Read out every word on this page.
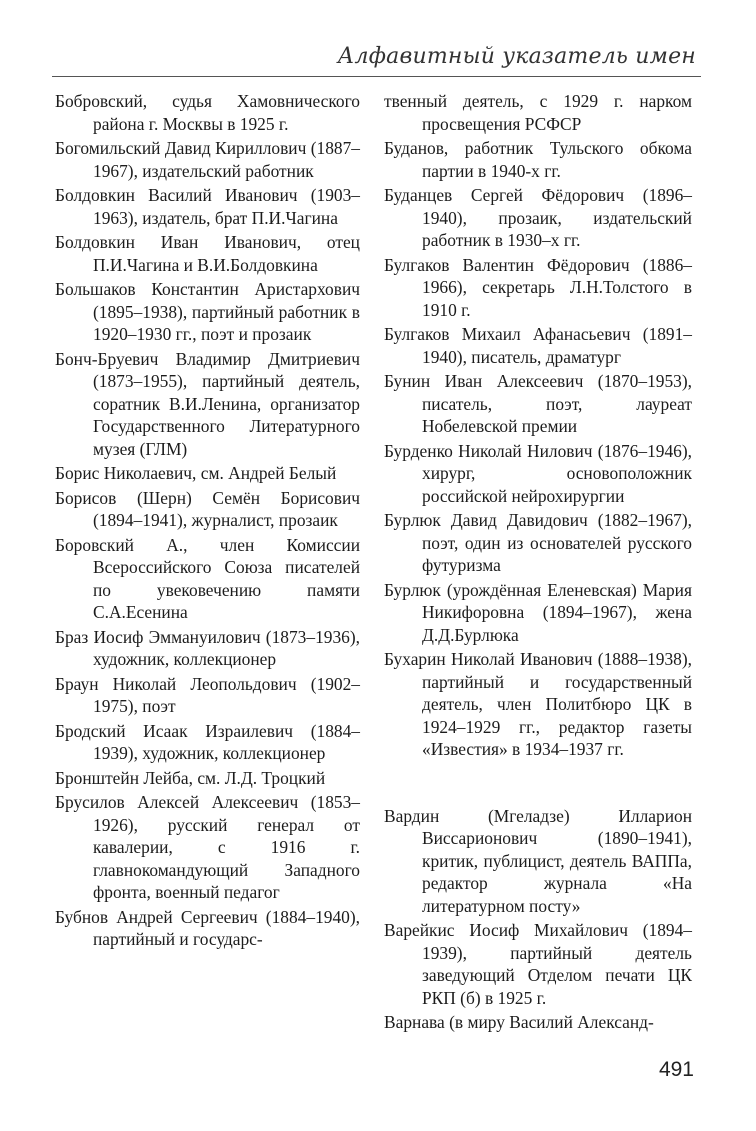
Алфавитный указатель имен

Бобровский, судья Хамовнического района г. Москвы в 1925 г.

Богомильский Давид Кириллович (1887–1967), издательский работник

Болдовкин Василий Иванович (1903–1963), издатель, брат П.И.Чагина

Болдовкин Иван Иванович, отец П.И.Чагина и В.И.Болдовкина

Большаков Константин Аристархович (1895–1938), партийный работник в 1920–1930 гг., поэт и прозаик

Бонч-Бруевич Владимир Дмитриевич (1873–1955), партийный деятель, соратник В.И.Ленина, организатор Государственного Литературного музея (ГЛМ)

Борис Николаевич, см. Андрей Белый

Борисов (Шерн) Семён Борисович (1894–1941), журналист, прозаик

Боровский А., член Комиссии Всероссийского Союза писателей по увековечению памяти С.А.Есенина

Браз Иосиф Эммануилович (1873–1936), художник, коллекционер

Браун Николай Леопольдович (1902–1975), поэт

Бродский Исаак Израилевич (1884–1939), художник, коллекционер

Бронштейн Лейба, см. Л.Д. Троцкий

Брусилов Алексей Алексеевич (1853–1926), русский генерал от кавалерии, с 1916 г. главнокомандующий Западного фронта, военный педагог

Бубнов Андрей Сергеевич (1884–1940), партийный и государс-

твенный деятель, с 1929 г. нарком просвещения РСФСР

Буданов, работник Тульского обкома партии в 1940-х гг.

Буданцев Сергей Фёдорович (1896–1940), прозаик, издательский работник в 1930–х гг.

Булгаков Валентин Фёдорович (1886–1966), секретарь Л.Н.Толстого в 1910 г.

Булгаков Михаил Афанасьевич (1891–1940), писатель, драматург

Бунин Иван Алексеевич (1870–1953), писатель, поэт, лауреат Нобелевской премии

Бурденко Николай Нилович (1876–1946), хирург, основоположник российской нейрохирургии

Бурлюк Давид Давидович (1882–1967), поэт, один из основателей русского футуризма

Бурлюк (урождённая Еленевская) Мария Никифоровна (1894–1967), жена Д.Д.Бурлюка

Бухарин Николай Иванович (1888–1938), партийный и государственный деятель, член Политбюро ЦК в 1924–1929 гг., редактор газеты «Известия» в 1934–1937 гг.

Вардин (Мгеладзе) Илларион Виссарионович (1890–1941), критик, публицист, деятель ВАППа, редактор журнала «На литературном посту»

Варейкис Иосиф Михайлович (1894–1939), партийный деятель заведующий Отделом печати ЦК РКП (б) в 1925 г.

Варнава (в миру Василий Александ-

491
